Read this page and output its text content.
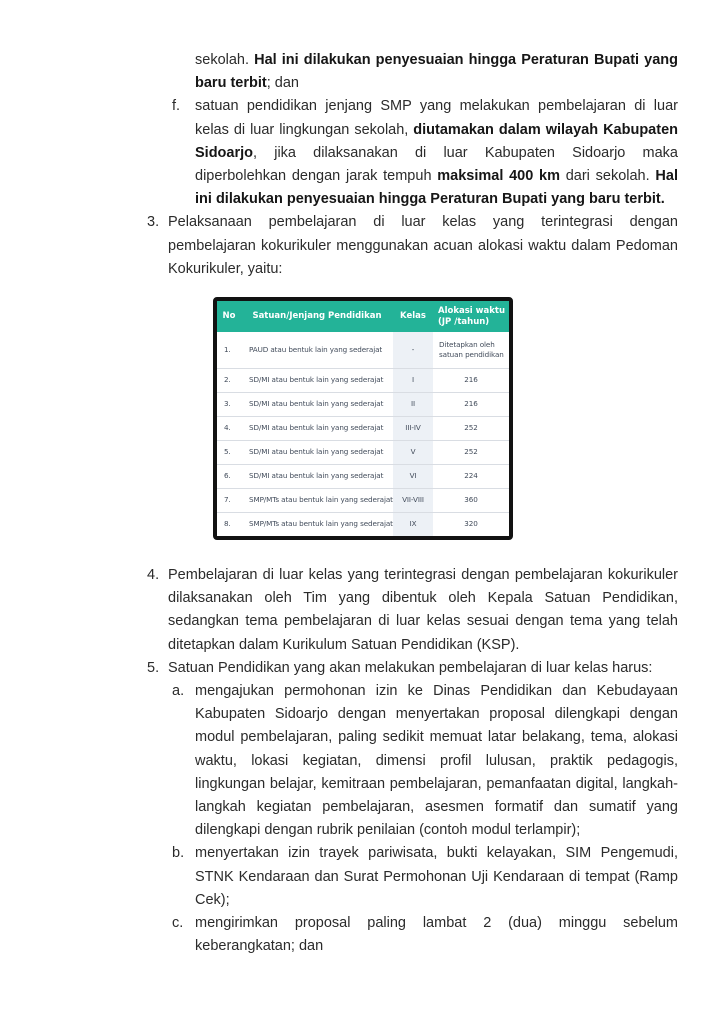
sekolah. Hal ini dilakukan penyesuaian hingga Peraturan Bupati yang baru terbit; dan
f.	satuan pendidikan jenjang SMP yang melakukan pembelajaran di luar kelas di luar lingkungan sekolah, diutamakan dalam wilayah Kabupaten Sidoarjo, jika dilaksanakan di luar Kabupaten Sidoarjo maka diperbolehkan dengan jarak tempuh maksimal 400 km dari sekolah. Hal ini dilakukan penyesuaian hingga Peraturan Bupati yang baru terbit.
3. Pelaksanaan pembelajaran di luar kelas yang terintegrasi dengan pembelajaran kokurikuler menggunakan acuan alokasi waktu dalam Pedoman Kokurikuler, yaitu:
No	Satuan/Jenjang Pendidikan	Kelas	Alokasi waktu
(JP /tahun)
1.	PAUD atau bentuk lain yang sederajat	-	Ditetapkan oleh satuan pendidikan
2.	SD/MI atau bentuk lain yang sederajat	I	216
3.	SD/MI atau bentuk lain yang sederajat	II	216
4.	SD/MI atau bentuk lain yang sederajat	III-IV	252
5.	SD/MI atau bentuk lain yang sederajat	V	252
6.	SD/MI atau bentuk lain yang sederajat	VI	224
7.	SMP/MTs atau bentuk lain yang sederajat	VII-VIII	360
8.	SMP/MTs atau bentuk lain yang sederajat	IX	320
4. Pembelajaran di luar kelas yang terintegrasi dengan pembelajaran kokurikuler dilaksanakan oleh Tim yang dibentuk oleh Kepala Satuan Pendidikan, sedangkan tema pembelajaran di luar kelas sesuai dengan tema yang telah ditetapkan dalam Kurikulum Satuan Pendidikan (KSP).
5. Satuan Pendidikan yang akan melakukan pembelajaran di luar kelas harus:
a. mengajukan permohonan izin ke Dinas Pendidikan dan Kebudayaan Kabupaten Sidoarjo dengan menyertakan proposal dilengkapi dengan modul pembelajaran, paling sedikit memuat latar belakang, tema, alokasi waktu, lokasi kegiatan, dimensi profil lulusan, praktik pedagogis, lingkungan belajar, kemitraan pembelajaran, pemanfaatan digital, langkah-langkah kegiatan pembelajaran, asesmen formatif dan sumatif yang dilengkapi dengan rubrik penilaian (contoh modul terlampir);
b. menyertakan izin trayek pariwisata, bukti kelayakan, SIM Pengemudi, STNK Kendaraan dan Surat Permohonan Uji Kendaraan di tempat (Ramp Cek);
c. mengirimkan proposal paling lambat 2 (dua) minggu sebelum keberangkatan; dan
